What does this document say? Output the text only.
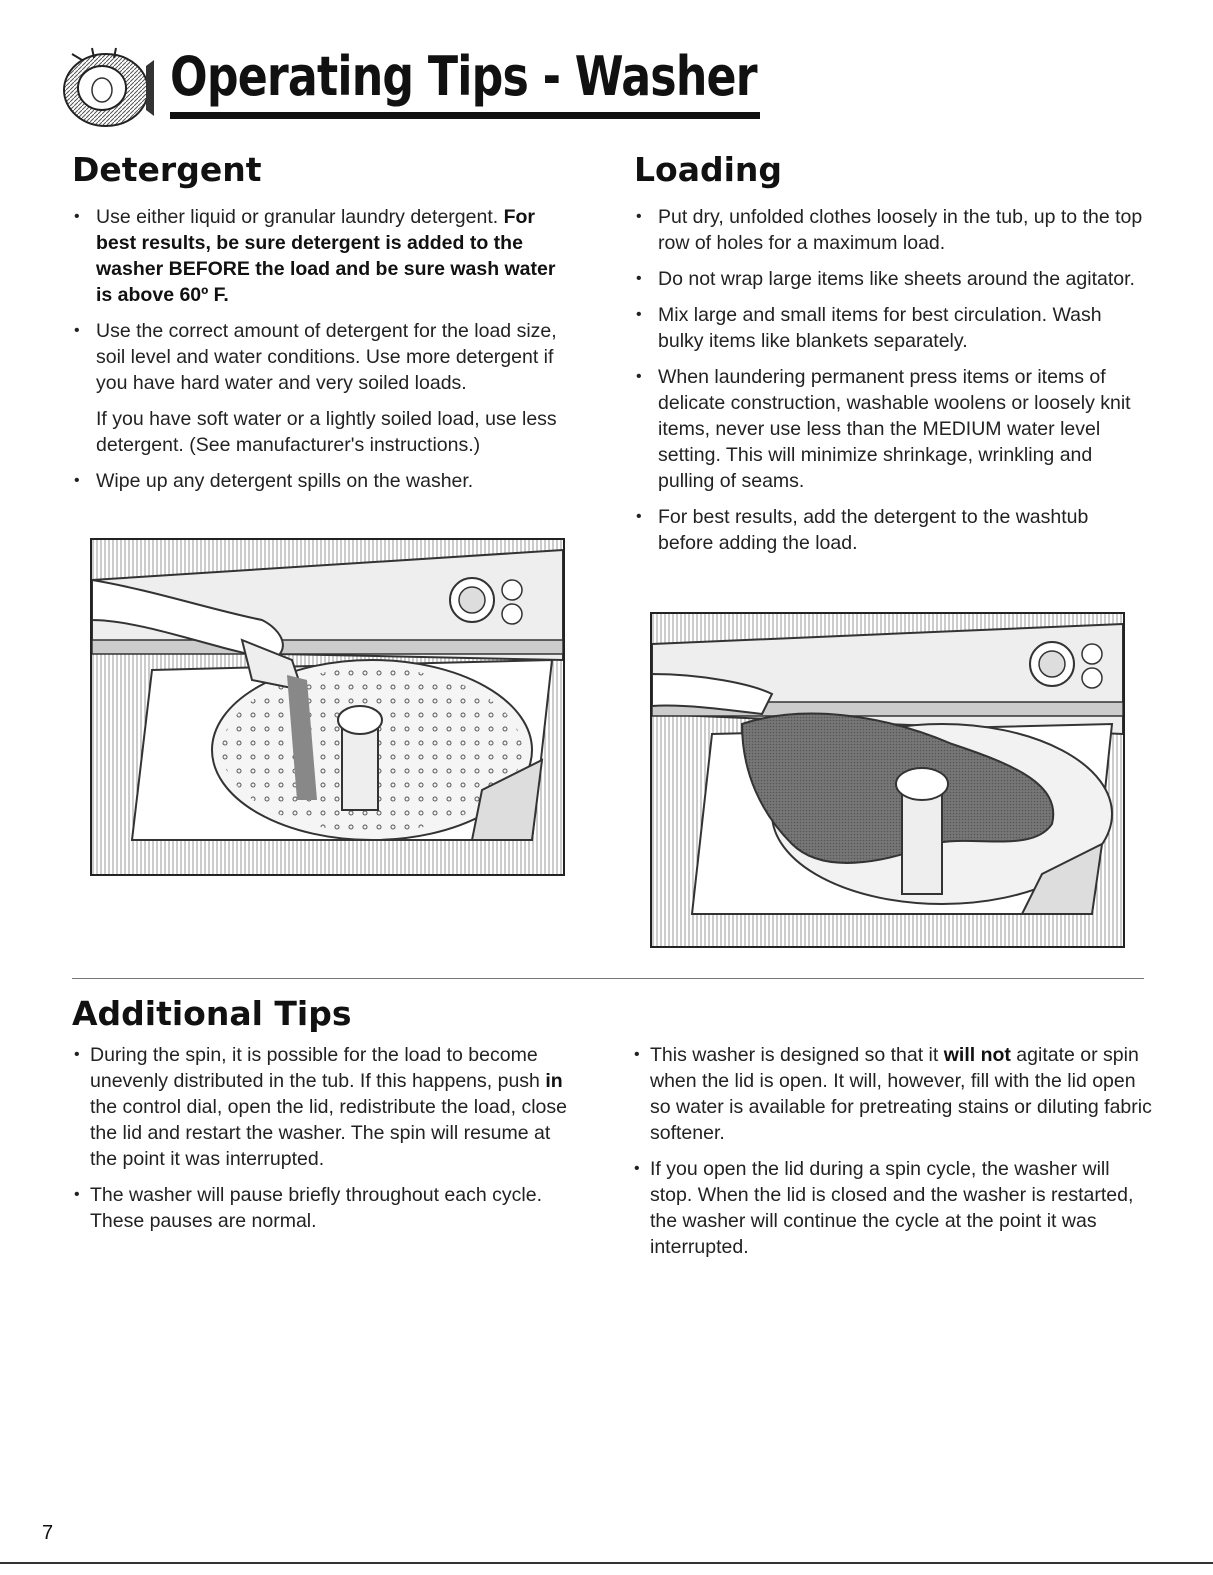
Operating Tips - Washer
Detergent
• Use either liquid or granular laundry detergent. For best results, be sure detergent is added to the washer BEFORE the load and be sure wash water is above 60º F.
• Use the correct amount of detergent for the load size, soil level and water conditions. Use more detergent if you have hard water and very soiled loads.

If you have soft water or a lightly soiled load, use less detergent. (See manufacturer's instructions.)

• Wipe up any detergent spills on the washer.
Loading
• Put dry, unfolded clothes loosely in the tub, up to the top row of holes for a maximum load.
• Do not wrap large items like sheets around the agitator.
• Mix large and small items for best circulation. Wash bulky items like blankets separately.
• When laundering permanent press items or items of delicate construction, washable woolens or loosely knit items, never use less than the MEDIUM water level setting. This will minimize shrinkage, wrinkling and pulling of seams.
• For best results, add the detergent to the washtub before adding the load.
Additional Tips
• During the spin, it is possible for the load to become unevenly distributed in the tub. If this happens, push in the control dial, open the lid, redistribute the load, close the lid and restart the washer. The spin will resume at the point it was interrupted.
• The washer will pause briefly throughout each cycle. These pauses are normal.
• This washer is designed so that it will not agitate or spin when the lid is open. It will, however, fill with the lid open so water is available for pretreating stains or diluting fabric softener.
• If you open the lid during a spin cycle, the washer will stop. When the lid is closed and the washer is restarted, the washer will continue the cycle at the point it was interrupted.
7
